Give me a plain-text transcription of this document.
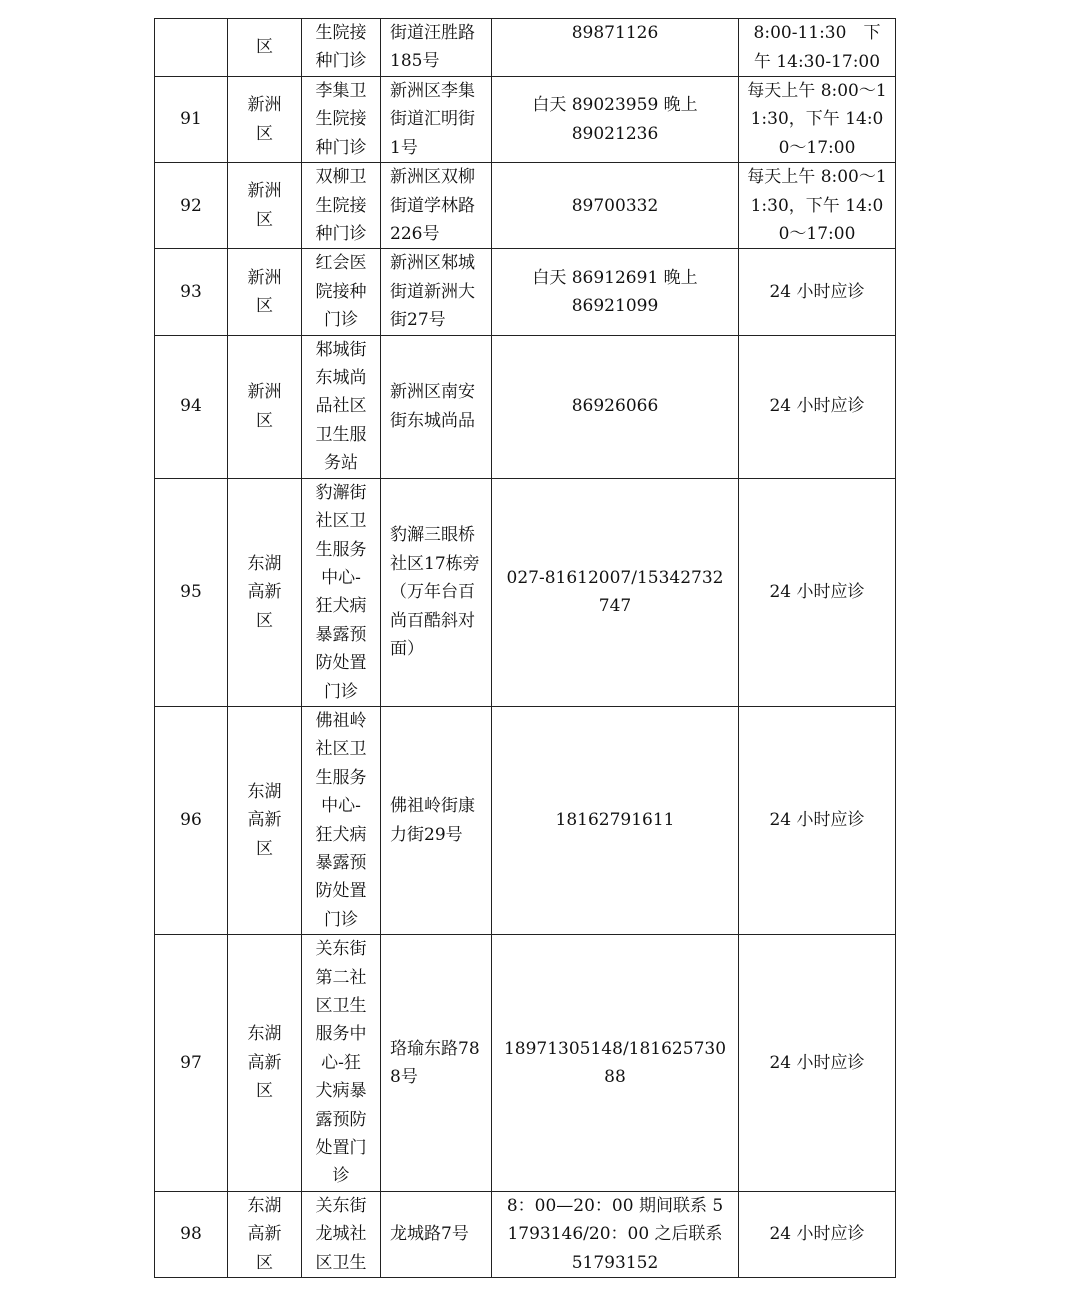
	区	生院接种门诊	街道汪胜路185号	89871126	8:00-11:30　下午 14:30-17:00

91	新洲区	李集卫生院接种门诊	新洲区李集街道汇明街1号	白天 89023959 晚上 89021236	每天上午 8:00～11:30，下午 14:00～17:00

92	新洲区	双柳卫生院接种门诊	新洲区双柳街道学林路226号	89700332	每天上午 8:00～11:30，下午 14:00～17:00

93	新洲区	红会医院接种门诊	新洲区邾城街道新洲大街27号	白天 86912691 晚上 86921099	24 小时应诊

94	新洲区	邾城街东城尚品社区卫生服务站	新洲区南安街东城尚品	86926066	24 小时应诊

95	东湖高新区	豹澥街社区卫生服务中心-狂犬病暴露预防处置门诊	豹澥三眼桥社区17栋旁（万年台百尚百酷斜对面）	027-81612007/15342732747	24 小时应诊

96	东湖高新区	佛祖岭社区卫生服务中心-狂犬病暴露预防处置门诊	佛祖岭街康力街29号	18162791611	24 小时应诊

97	东湖高新区	关东街第二社区卫生服务中心-狂犬病暴露预防处置门诊	珞瑜东路788号	18971305148/18162573088	24 小时应诊

98	东湖高新区	关东街龙城社区卫生	龙城路7号	8：00—20：00 期间联系 51793146/20：00 之后联系 51793152	24 小时应诊
